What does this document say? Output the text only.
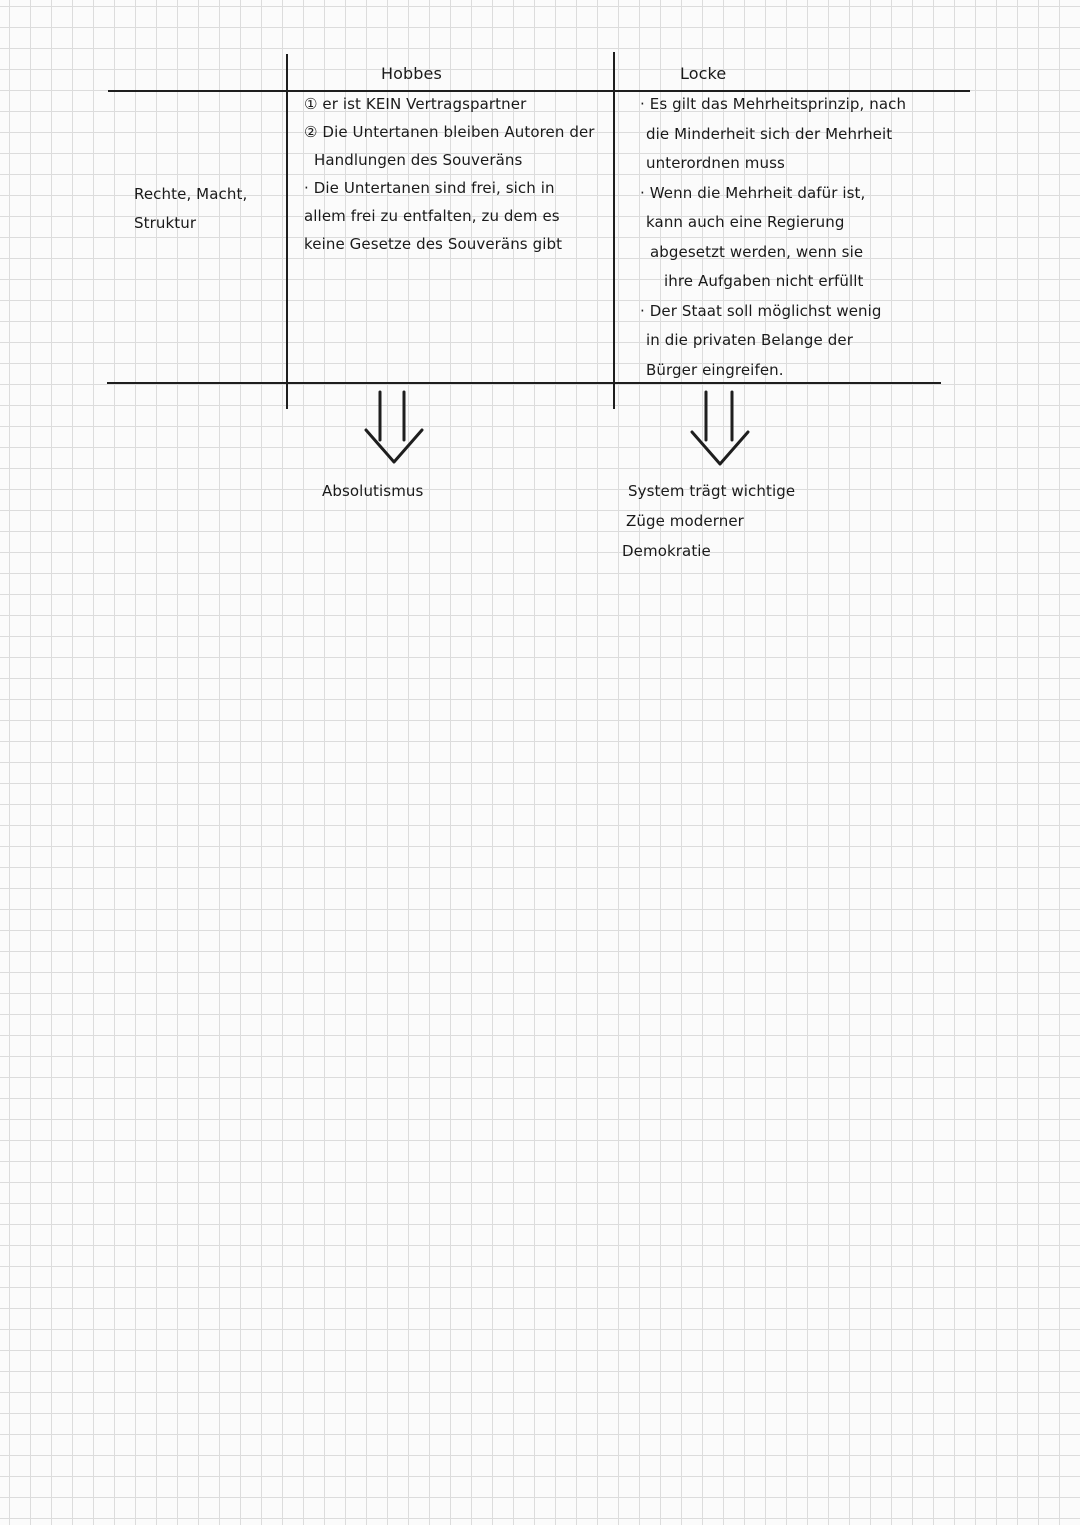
Hobbes	Locke
Rechte, Macht,
Struktur
① er ist KEIN Vertragspartner
② Die Untertanen bleiben Autoren der
Handlungen des Souveräns
· Die Untertanen sind frei, sich in
allem frei zu entfalten, zu dem es
keine Gesetze des Souveräns gibt
· Es gilt das Mehrheitsprinzip, nach
die Minderheit sich der Mehrheit
unterordnen muss
· Wenn die Mehrheit dafür ist,
kann auch eine Regierung
abgesetzt werden, wenn sie
ihre Aufgaben nicht erfüllt
· Der Staat soll möglichst wenig
in die privaten Belange der
Bürger eingreifen.
Absolutismus	System trägt wichtige
Züge moderner
Demokratie
